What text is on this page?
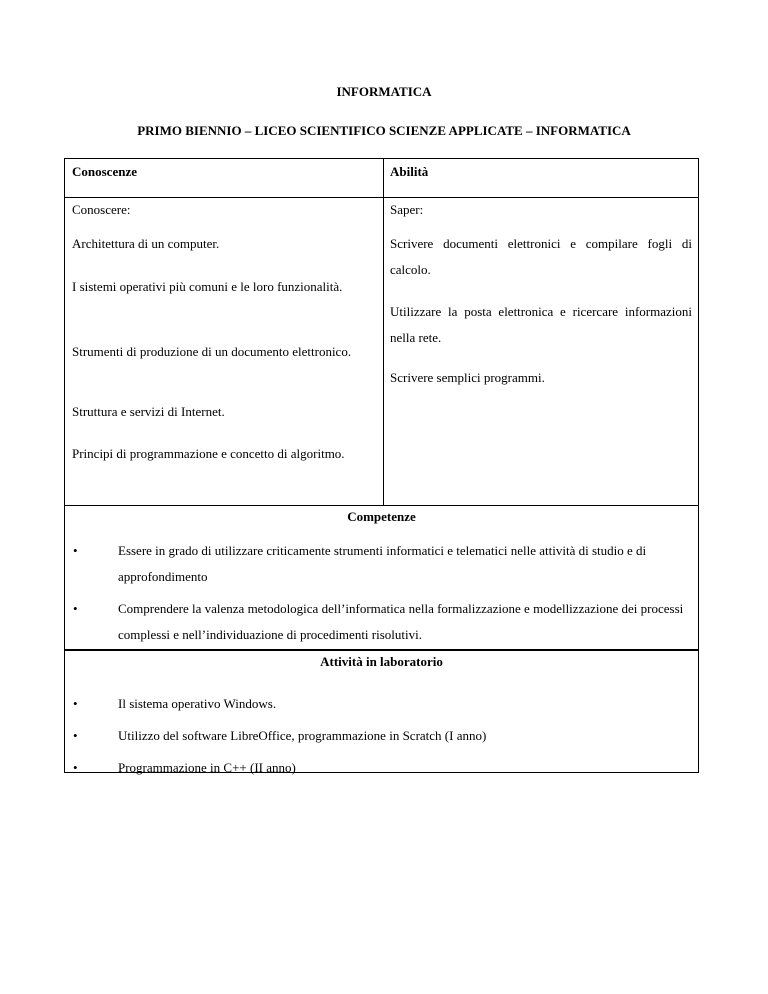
INFORMATICA
PRIMO BIENNIO – LICEO SCIENTIFICO SCIENZE APPLICATE – INFORMATICA
Conoscenze	Abilità
Conoscere:
Architettura di un computer.
I sistemi operativi più comuni e le loro funzionalità.
Strumenti di produzione di un documento elettronico.
Struttura e servizi di Internet.
Principi di programmazione e concetto di algoritmo.
Saper:
Scrivere documenti elettronici e compilare fogli di calcolo.
Utilizzare la posta elettronica e ricercare informazioni nella rete.
Scrivere semplici programmi.
Competenze
• Essere in grado di utilizzare criticamente strumenti informatici e telematici nelle attività di studio e di approfondimento
• Comprendere la valenza metodologica dell’informatica nella formalizzazione e modellizzazione dei processi complessi e nell’individuazione di procedimenti risolutivi.
Attività in laboratorio
• Il sistema operativo Windows.
• Utilizzo del software LibreOffice, programmazione in Scratch (I anno)
• Programmazione in C++ (II anno)
